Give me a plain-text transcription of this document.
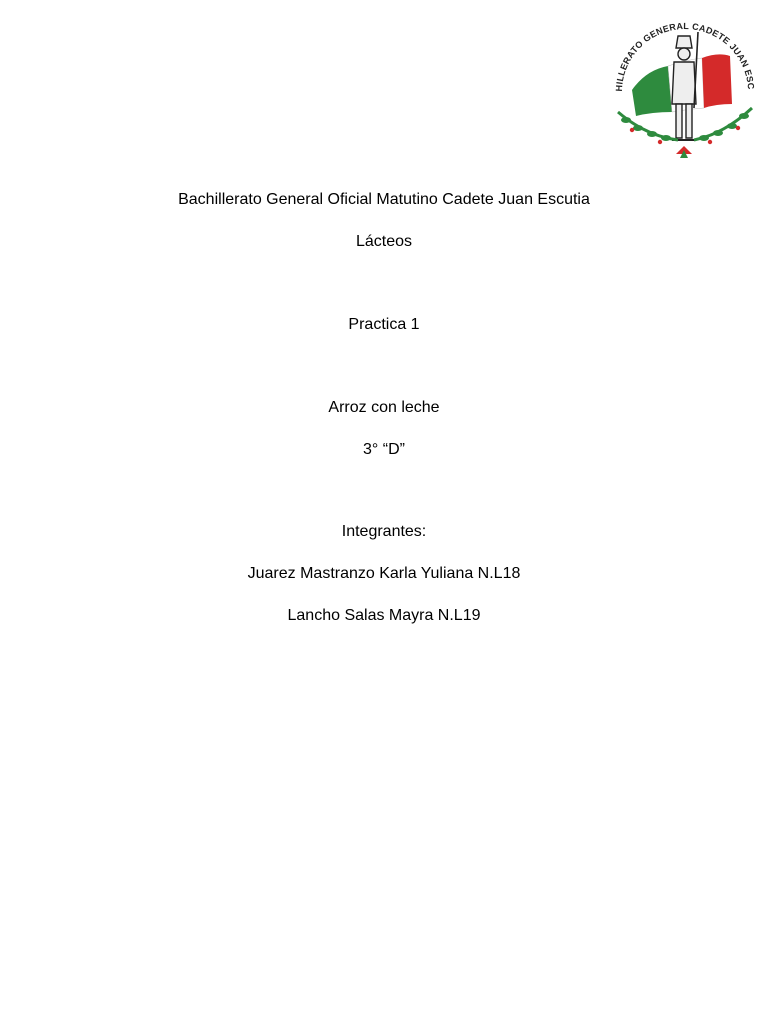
HILLERATO GENERAL CADETE JUAN ESC
Bachillerato General Oficial Matutino Cadete Juan Escutia
Lácteos
Practica 1
Arroz con leche
3° “D”
Integrantes:
Juarez Mastranzo Karla Yuliana N.L18
Lancho Salas Mayra N.L19
